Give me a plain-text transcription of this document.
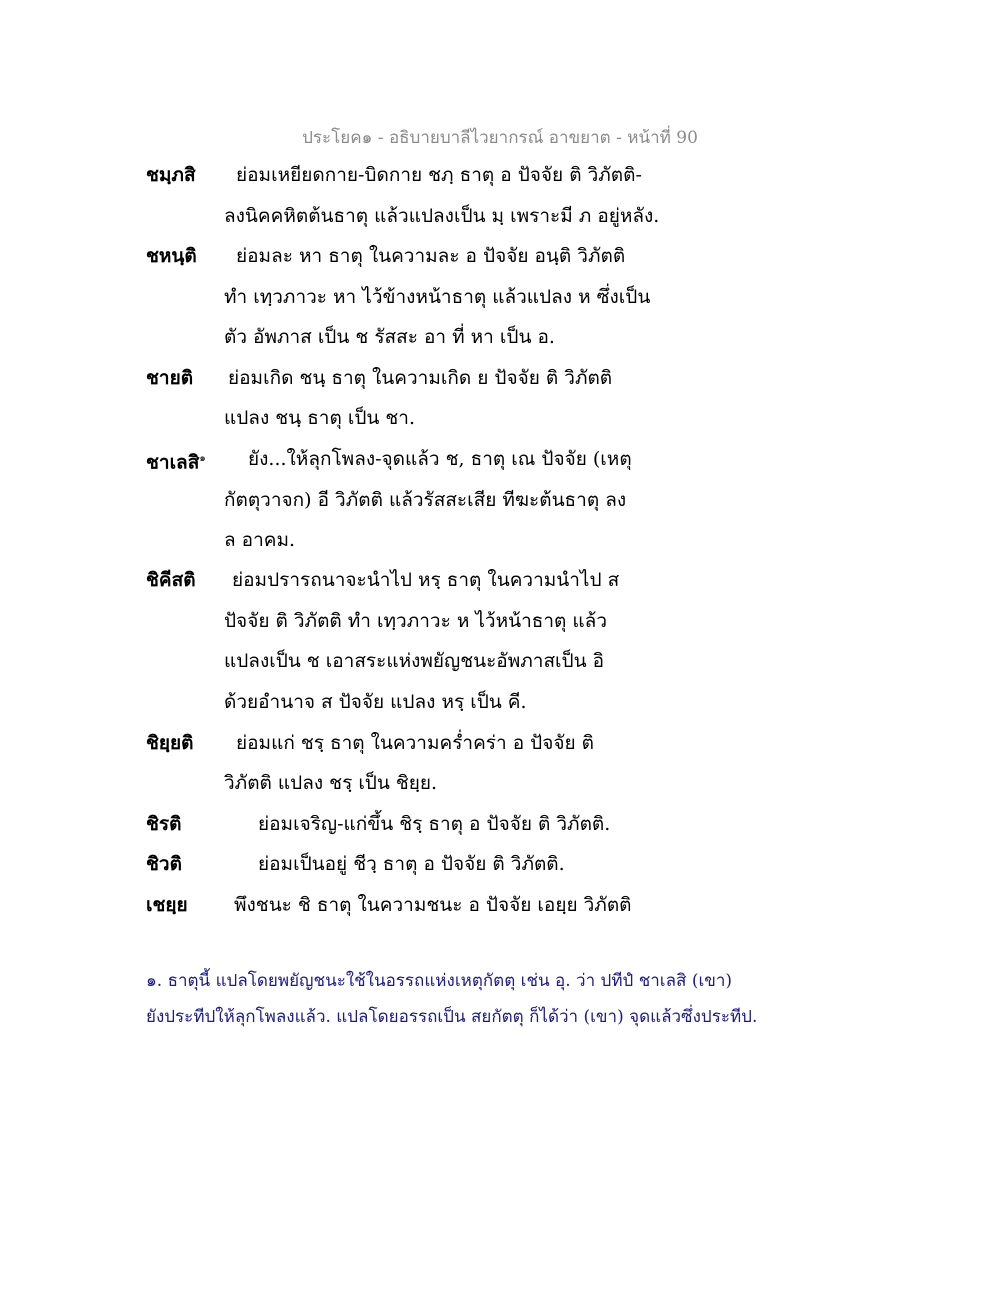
ประโยค๑ - อธิบายบาลีไวยากรณ์ อาขยาต - หน้าที่ 90
ชมฺภสิ ย่อมเหยียดกาย-บิดกาย ชภฺ ธาตุ อ ปัจจัย ติ วิภัตติ-
ลงนิคคหิตต้นธาตุ แล้วแปลงเป็น มฺ เพราะมี ภ อยู่หลัง.
ชหนฺติ ย่อมละ หา ธาตุ ในความละ อ ปัจจัย อนฺติ วิภัตติ
ทำ เทฺวภาวะ หา ไว้ข้างหน้าธาตุ แล้วแปลง ห ซึ่งเป็น
ตัว อัพภาส เป็น ช รัสสะ อา ที่ หา เป็น อ.
ชายติ ย่อมเกิด ชนฺ ธาตุ ในความเกิด ย ปัจจัย ติ วิภัตติ
แปลง ชนฺ ธาตุ เป็น ชา.
ชาเลสิ$^๑$ ยัง...ให้ลุกโพลง-จุดแล้ว ช, ธาตุ เณ ปัจจัย (เหตุ
กัตตุวาจก) อี วิภัตติ แล้วรัสสะเสีย ทีฆะต้นธาตุ ลง
ล อาคม.
ชิคีสติ ย่อมปรารถนาจะนำไป หรฺ ธาตุ ในความนำไป ส
ปัจจัย ติ วิภัตติ ทำ เทฺวภาวะ ห ไว้หน้าธาตุ แล้ว
แปลงเป็น ช เอาสระแห่งพยัญชนะอัพภาสเป็น อิ
ด้วยอำนาจ ส ปัจจัย แปลง หรฺ เป็น คี.
ชิยฺยติ ย่อมแก่ ชรฺ ธาตุ ในความคร่ำคร่า อ ปัจจัย ติ
วิภัตติ แปลง ชรฺ เป็น ชิยฺย.
ชิรติ	ย่อมเจริญ-แก่ขึ้น ชิรฺ ธาตุ อ ปัจจัย ติ วิภัตติ.
ชิวติ	ย่อมเป็นอยู่ ชีวฺ ธาตุ อ ปัจจัย ติ วิภัตติ.
เชยฺย พึงชนะ ชิ ธาตุ ในความชนะ อ ปัจจัย เอยฺย วิภัตติ
๑. ธาตุนี้ แปลโดยพยัญชนะใช้ในอรรถแห่งเหตุกัตตุ เช่น อุ. ว่า ปทีปํ ชาเลสิ (เขา)
ยังประทีปให้ลุกโพลงแล้ว. แปลโดยอรรถเป็น สยกัตตุ ก็ได้ว่า (เขา) จุดแล้วซึ่งประทีป.
